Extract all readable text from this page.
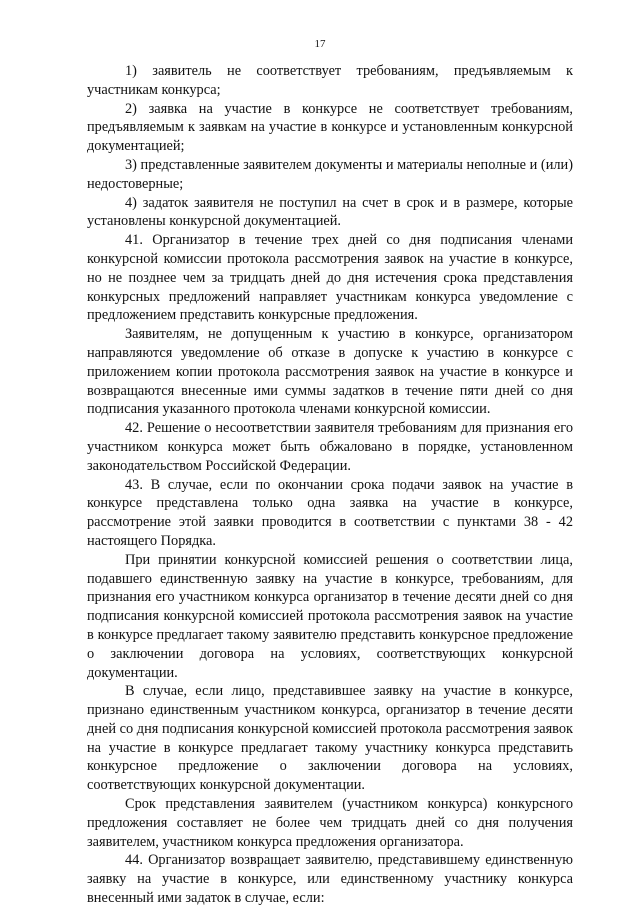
17

1) заявитель не соответствует требованиям, предъявляемым к участникам конкурса;

2) заявка на участие в конкурсе не соответствует требованиям, предъявляемым к заявкам на участие в конкурсе и установленным конкурсной документацией;

3) представленные заявителем документы и материалы неполные и (или) недостоверные;

4) задаток заявителя не поступил на счет в срок и в размере, которые установлены конкурсной документацией.

41. Организатор в течение трех дней со дня подписания членами конкурсной комиссии протокола рассмотрения заявок на участие в конкурсе, но не позднее чем за тридцать дней до дня истечения срока представления конкурсных предложений направляет участникам конкурса уведомление с предложением представить конкурсные предложения.

Заявителям, не допущенным к участию в конкурсе, организатором направляются уведомление об отказе в допуске к участию в конкурсе с приложением копии протокола рассмотрения заявок на участие в конкурсе и возвращаются внесенные ими суммы задатков в течение пяти дней со дня подписания указанного протокола членами конкурсной комиссии.

42. Решение о несоответствии заявителя требованиям для признания его участником конкурса может быть обжаловано в порядке, установленном законодательством Российской Федерации.

43. В случае, если по окончании срока подачи заявок на участие в конкурсе представлена только одна заявка на участие в конкурсе, рассмотрение этой заявки проводится в соответствии с пунктами 38 - 42 настоящего Порядка.

При принятии конкурсной комиссией решения о соответствии лица, подавшего единственную заявку на участие в конкурсе, требованиям, для признания его участником конкурса организатор в течение десяти дней со дня подписания конкурсной комиссией протокола рассмотрения заявок на участие в конкурсе предлагает такому заявителю представить конкурсное предложение о заключении договора на условиях, соответствующих конкурсной документации.

В случае, если лицо, представившее заявку на участие в конкурсе, признано единственным участником конкурса, организатор в течение десяти дней со дня подписания конкурсной комиссией протокола рассмотрения заявок на участие в конкурсе предлагает такому участнику конкурса представить конкурсное предложение о заключении договора на условиях, соответствующих конкурсной документации.

Срок представления заявителем (участником конкурса) конкурсного предложения составляет не более чем тридцать дней со дня получения заявителем, участником конкурса предложения организатора.

44. Организатор возвращает заявителю, представившему единственную заявку на участие в конкурсе, или единственному участнику конкурса внесенный ими задаток в случае, если:
